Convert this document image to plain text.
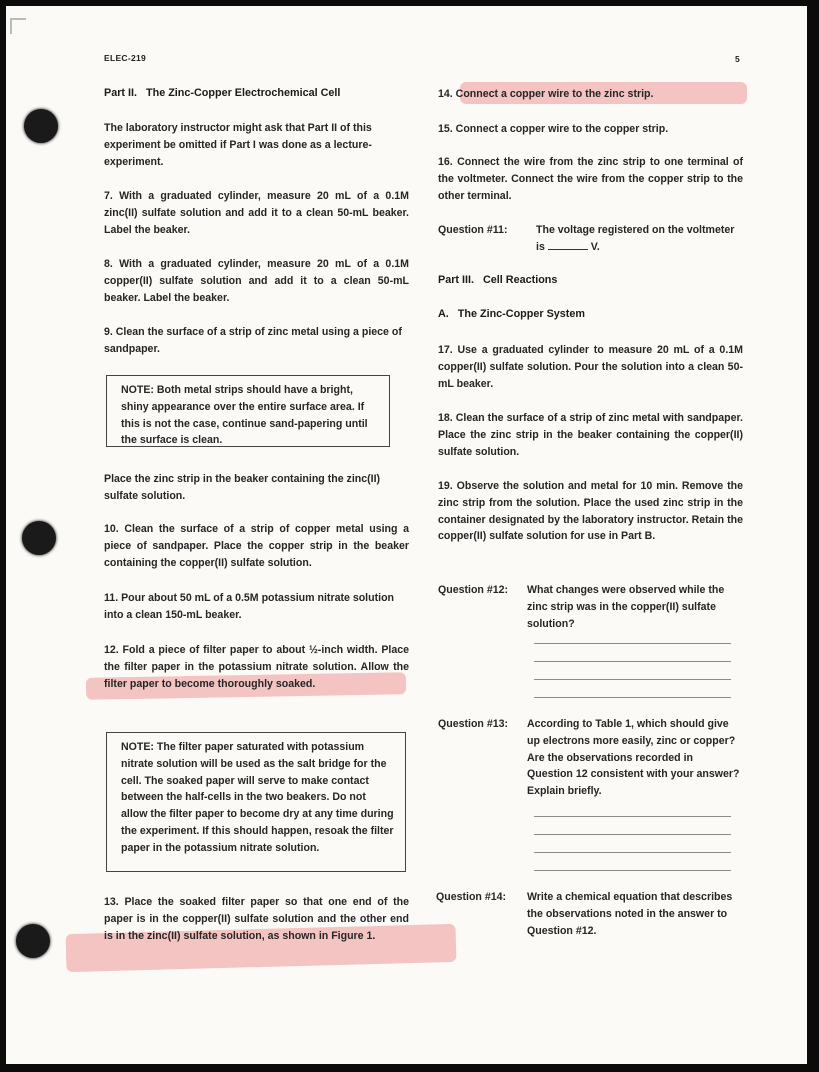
ELEC-219	5
Part II.   The Zinc-Copper Electrochemical Cell
The laboratory instructor might ask that Part II of this experiment be omitted if Part I was done as a lecture-experiment.
7. With a graduated cylinder, measure 20 mL of a 0.1M zinc(II) sulfate solution and add it to a clean 50-mL beaker. Label the beaker.
8. With a graduated cylinder, measure 20 mL of a 0.1M copper(II) sulfate solution and add it to a clean 50-mL beaker. Label the beaker.
9. Clean the surface of a strip of zinc metal using a piece of sandpaper.
NOTE: Both metal strips should have a bright, shiny appearance over the entire surface area. If this is not the case, continue sand-papering until the surface is clean.
Place the zinc strip in the beaker containing the zinc(II) sulfate solution.
10. Clean the surface of a strip of copper metal using a piece of sandpaper. Place the copper strip in the beaker containing the copper(II) sulfate solution.
11. Pour about 50 mL of a 0.5M potassium nitrate solution into a clean 150-mL beaker.
12. Fold a piece of filter paper to about ½-inch width. Place the filter paper in the potassium nitrate solution. Allow the filter paper to become thoroughly soaked.
NOTE: The filter paper saturated with potassium nitrate solution will be used as the salt bridge for the cell. The soaked paper will serve to make contact between the half-cells in the two beakers. Do not allow the filter paper to become dry at any time during the experiment. If this should happen, resoak the filter paper in the potassium nitrate solution.
13. Place the soaked filter paper so that one end of the paper is in the copper(II) sulfate solution and the other end is in the zinc(II) sulfate solution, as shown in Figure 1.
14. Connect a copper wire to the zinc strip.
15. Connect a copper wire to the copper strip.
16. Connect the wire from the zinc strip to one terminal of the voltmeter. Connect the wire from the copper strip to the other terminal.
Question #11:	The voltage registered on the voltmeter is	V.
Part III.   Cell Reactions
A.   The Zinc-Copper System
17. Use a graduated cylinder to measure 20 mL of a 0.1M copper(II) sulfate solution. Pour the solution into a clean 50-mL beaker.
18. Clean the surface of a strip of zinc metal with sandpaper. Place the zinc strip in the beaker containing the copper(II) sulfate solution.
19. Observe the solution and metal for 10 min. Remove the zinc strip from the solution. Place the used zinc strip in the container designated by the laboratory instructor. Retain the copper(II) sulfate solution for use in Part B.
Question #12: What changes were observed while the zinc strip was in the copper(II) sulfate solution?
Question #13: According to Table 1, which should give up electrons more easily, zinc or copper? Are the observations recorded in Question 12 consistent with your answer? Explain briefly.
Question #14: Write a chemical equation that describes the observations noted in the answer to Question #12.
